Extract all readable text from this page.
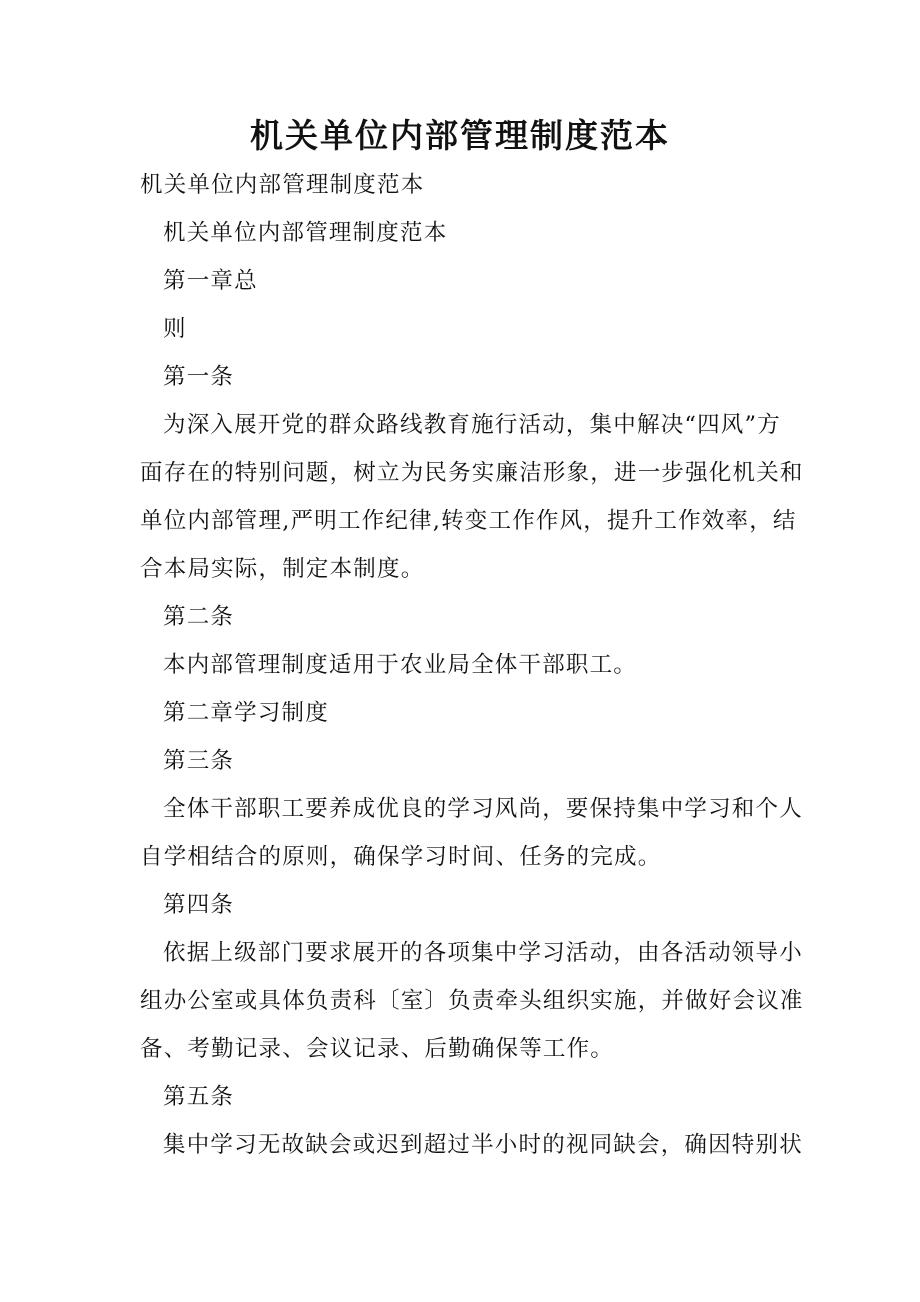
机关单位内部管理制度范本
机关单位内部管理制度范本
机关单位内部管理制度范本
第一章总
则
第一条
为深入展开党的群众路线教育施行活动，集中解决“四风”方
面存在的特别问题，树立为民务实廉洁形象，进一步强化机关和
单位内部管理,严明工作纪律,转变工作作风，提升工作效率，结
合本局实际，制定本制度。
第二条
本内部管理制度适用于农业局全体干部职工。
第二章学习制度
第三条
全体干部职工要养成优良的学习风尚，要保持集中学习和个人
自学相结合的原则，确保学习时间、任务的完成。
第四条
依据上级部门要求展开的各项集中学习活动，由各活动领导小
组办公室或具体负责科〔室〕负责牵头组织实施，并做好会议准
备、考勤记录、会议记录、后勤确保等工作。
第五条
集中学习无故缺会或迟到超过半小时的视同缺会，确因特别状
